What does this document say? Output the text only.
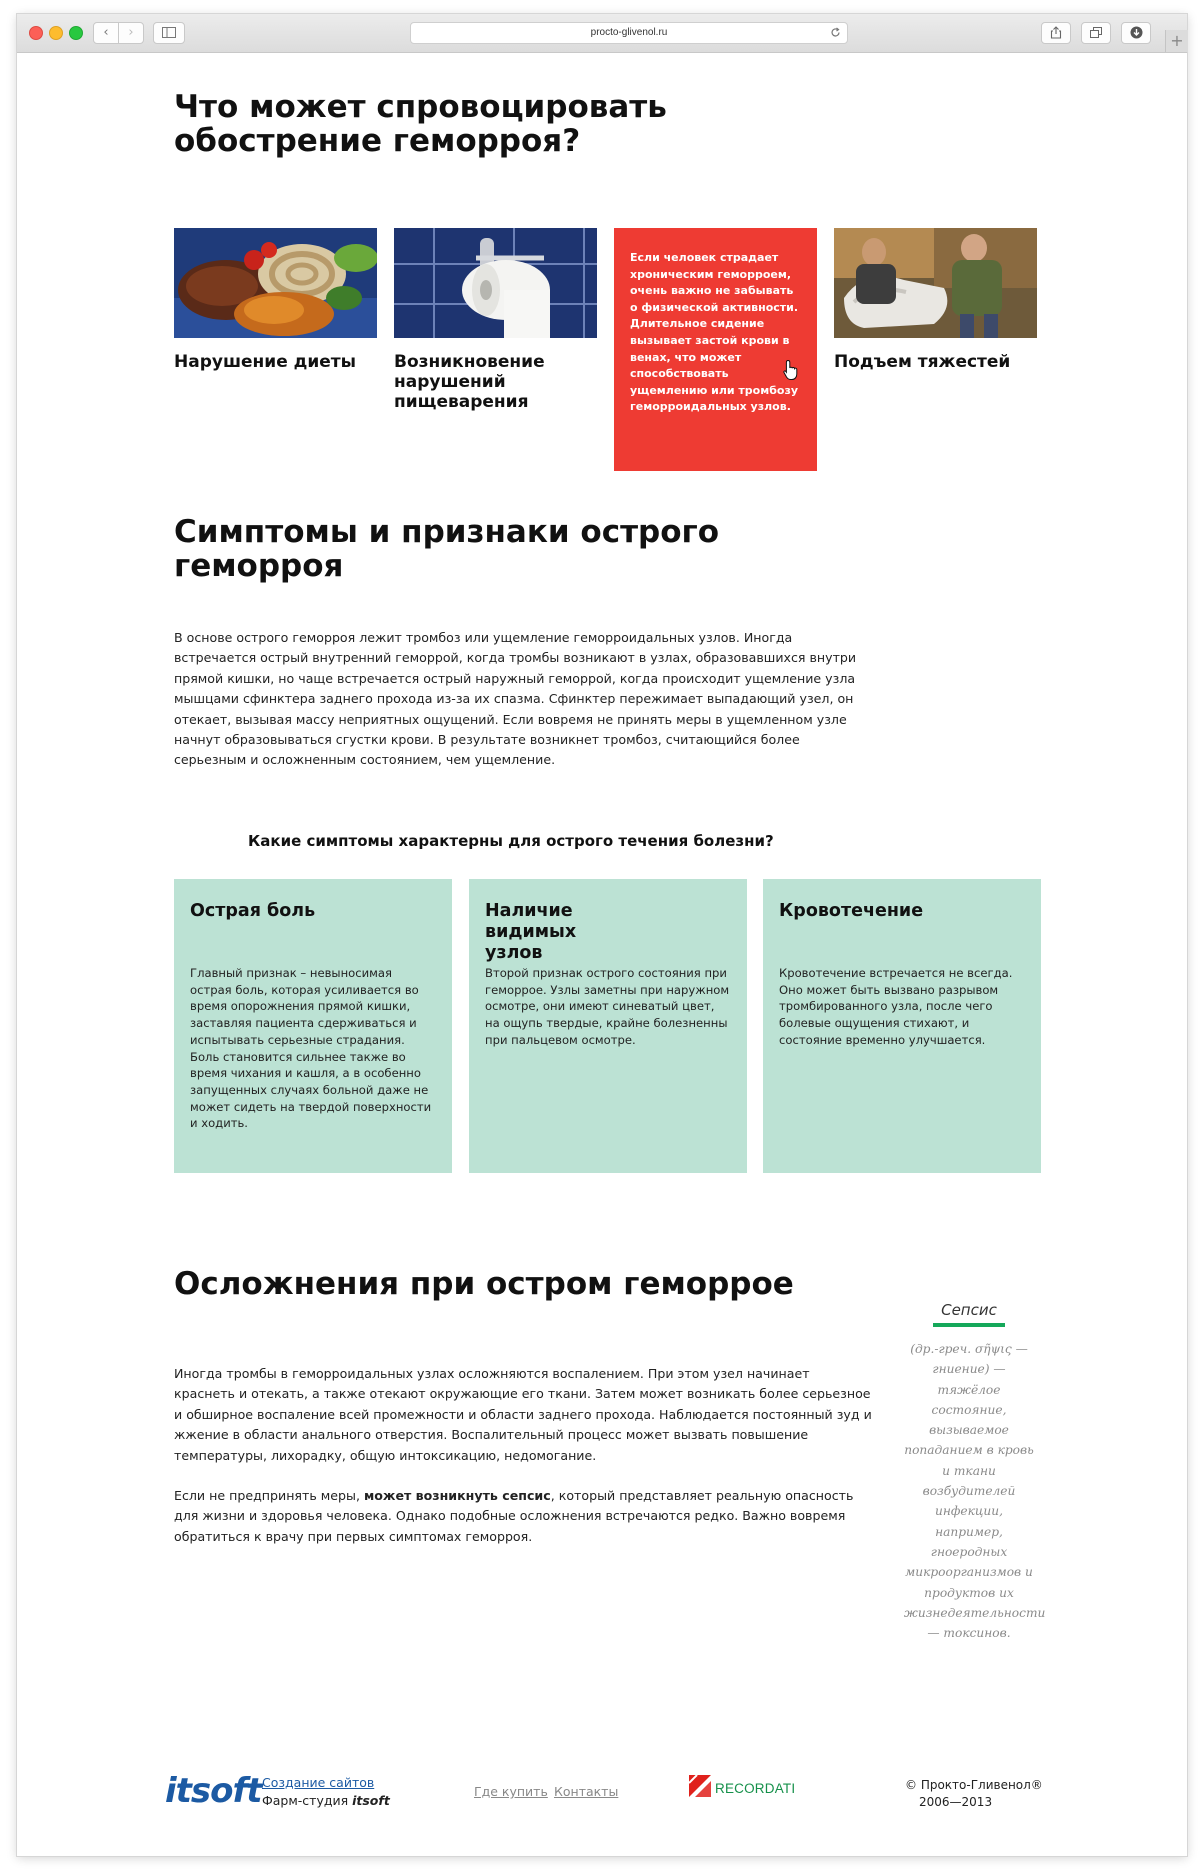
‹	›	procto-glivenol.ru	+
Что может спровоцировать обострение геморроя?
Нарушение диеты	Возникновение нарушений пищеварения
Если человек страдает хроническим геморроем, очень важно не забывать о физической активности. Длительное сидение вызывает застой крови в венах, что может способствовать ущемлению или тромбозу геморроидальных узлов.
Подъем тяжестей
Симптомы и признаки острого геморроя

В основе острого геморроя лежит тромбоз или ущемление геморроидальных узлов. Иногда встречается острый внутренний геморрой, когда тромбы возникают в узлах, образовавшихся внутри прямой кишки, но чаще встречается острый наружный геморрой, когда происходит ущемление узла мышцами сфинктера заднего прохода из-за их спазма. Сфинктер пережимает выпадающий узел, он отекает, вызывая массу неприятных ощущений. Если вовремя не принять меры в ущемленном узле начнут образовываться сгустки крови. В результате возникнет тромбоз, считающийся более серьезным и осложненным состоянием, чем ущемление.

Какие симптомы характерны для острого течения болезни?
Острая боль

Главный признак – невыносимая острая боль, которая усиливается во время опорожнения прямой кишки, заставляя пациента сдерживаться и испытывать серьезные страдания. Боль становится сильнее также во время чихания и кашля, а в особенно запущенных случаях больной даже не может сидеть на твердой поверхности и ходить.

Наличие видимых узлов

Второй признак острого состояния при геморрое. Узлы заметны при наружном осмотре, они имеют синеватый цвет, на ощупь твердые, крайне болезненны при пальцевом осмотре.

Кровотечение

Кровотечение встречается не всегда. Оно может быть вызвано разрывом тромбированного узла, после чего болевые ощущения стихают, и состояние временно улучшается.

Осложнения при остром геморрое

Иногда тромбы в геморроидальных узлах осложняются воспалением. При этом узел начинает краснеть и отекать, а также отекают окружающие его ткани. Затем может возникать более серьезное и обширное воспаление всей промежности и области заднего прохода. Наблюдается постоянный зуд и жжение в области анального отверстия. Воспалительный процесс может вызвать повышение температуры, лихорадку, общую интоксикацию, недомогание.

Если не предпринять меры, может возникнуть сепсис, который представляет реальную опасность для жизни и здоровья человека. Однако подобные осложнения встречаются редко. Важно вовремя обратиться к врачу при первых симптомах геморроя.

Сепсис
(др.-греч. σῆψις — гниение) — тяжёлое состояние, вызываемое попаданием в кровь и ткани возбудителей инфекции, например, гноеродных микроорганизмов и продуктов их жизнедеятельности — токсинов.
itsoft Создание сайтов
Фарм-студия itsoft
Где купить Контакты	RECORDATI	© Прокто-Гливенол®
2006—2013
